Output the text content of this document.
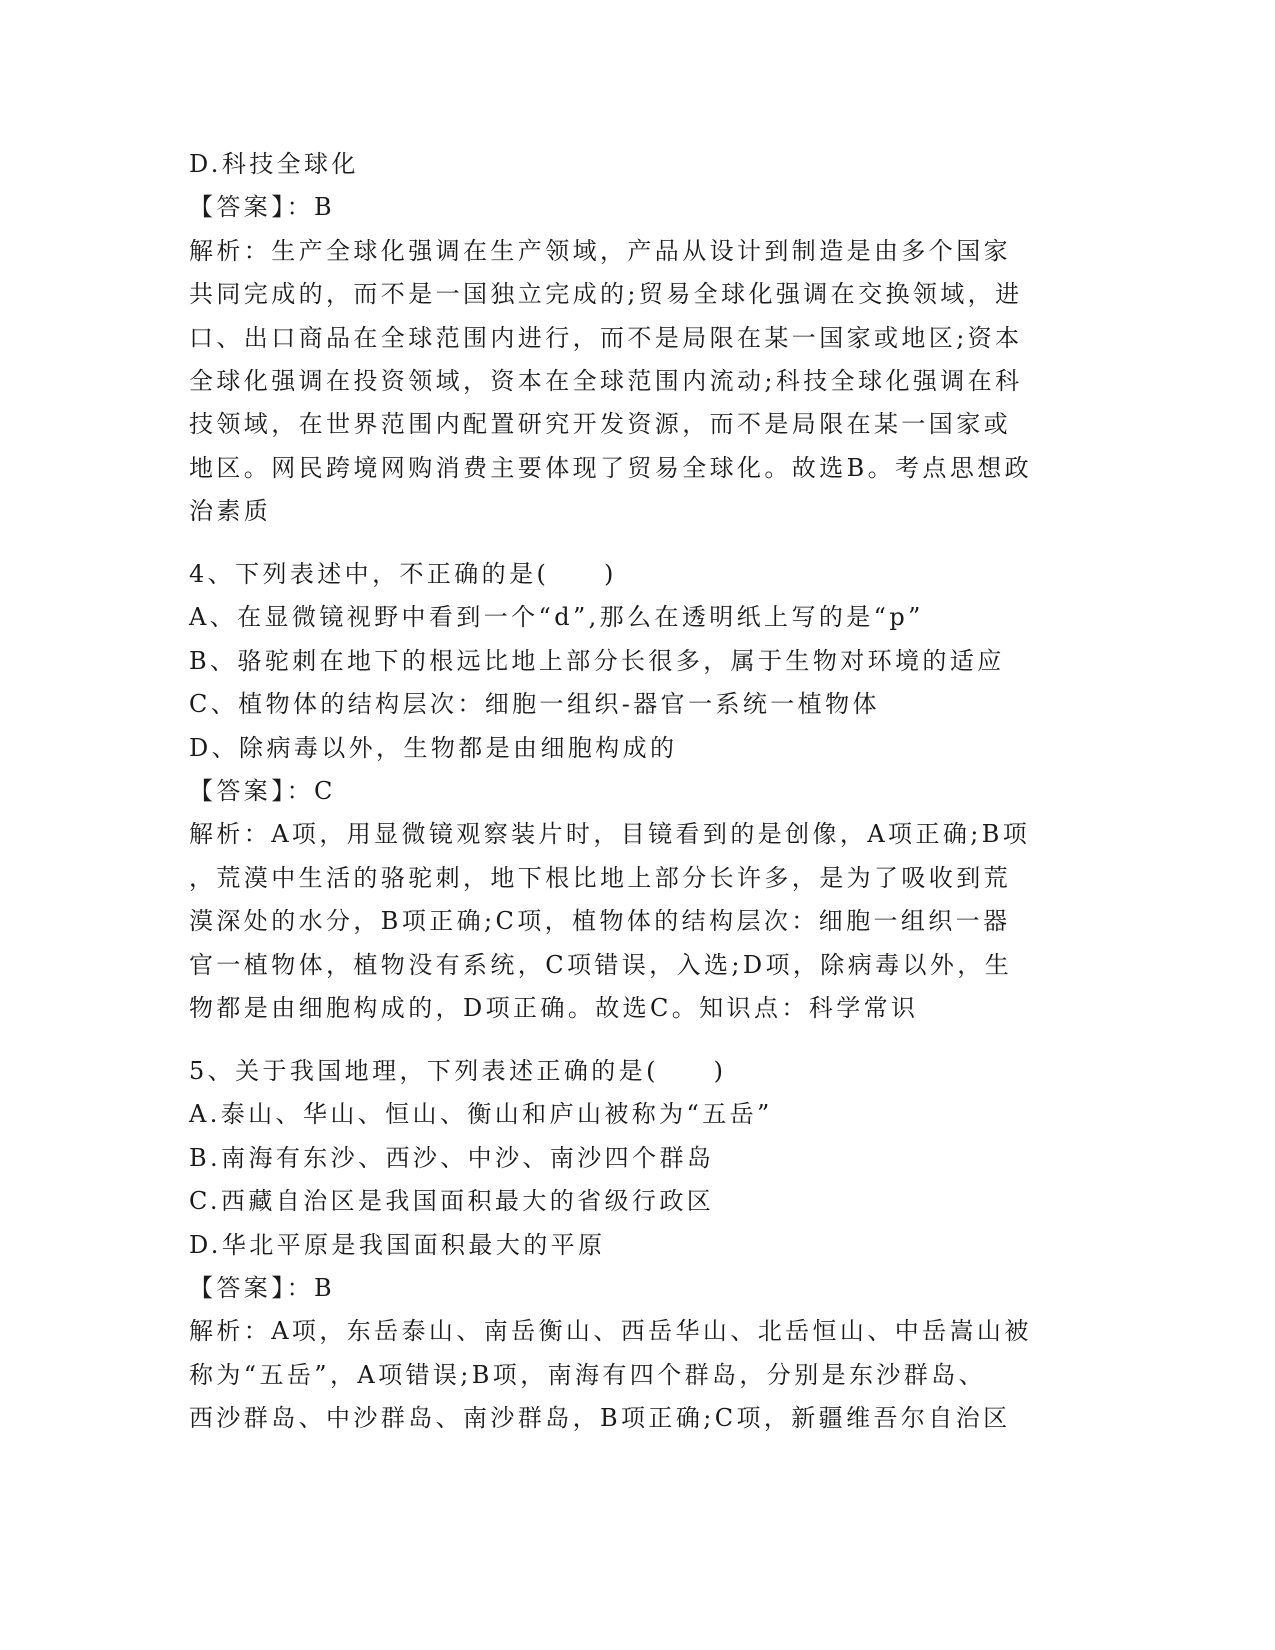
D.科技全球化
【答案】：B
解析：生产全球化强调在生产领域，产品从设计到制造是由多个国家
共同完成的，而不是一国独立完成的;贸易全球化强调在交换领域，进
口、出口商品在全球范围内进行，而不是局限在某一国家或地区;资本
全球化强调在投资领域，资本在全球范围内流动;科技全球化强调在科
技领域，在世界范围内配置研究开发资源，而不是局限在某一国家或
地区。网民跨境网购消费主要体现了贸易全球化。故选B。考点思想政
治素质
4、下列表述中，不正确的是(　　)
A、在显微镜视野中看到一个“d”,那么在透明纸上写的是“p”
B、骆驼刺在地下的根远比地上部分长很多，属于生物对环境的适应
C、植物体的结构层次：细胞一组织-器官一系统一植物体
D、除病毒以外，生物都是由细胞构成的
【答案】：C
解析：A项，用显微镜观察装片时，目镜看到的是创像，A项正确;B项
，荒漠中生活的骆驼刺，地下根比地上部分长许多，是为了吸收到荒
漠深处的水分，B项正确;C项，植物体的结构层次：细胞一组织一器
官一植物体，植物没有系统，C项错误，入选;D项，除病毒以外，生
物都是由细胞构成的，D项正确。故选C。知识点：科学常识
5、关于我国地理，下列表述正确的是(　　)
A.泰山、华山、恒山、衡山和庐山被称为“五岳”
B.南海有东沙、西沙、中沙、南沙四个群岛
C.西藏自治区是我国面积最大的省级行政区
D.华北平原是我国面积最大的平原
【答案】：B
解析：A项，东岳泰山、南岳衡山、西岳华山、北岳恒山、中岳嵩山被
称为“五岳”，A项错误;B项，南海有四个群岛，分别是东沙群岛、
西沙群岛、中沙群岛、南沙群岛，B项正确;C项，新疆维吾尔自治区
